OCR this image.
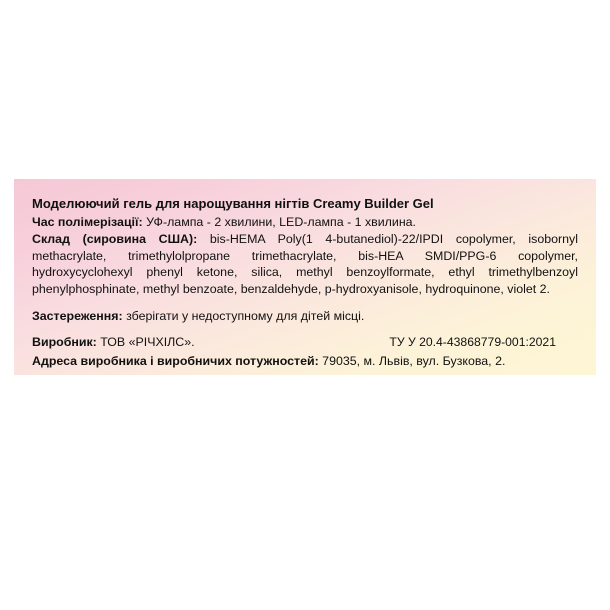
Моделюючий гель для нарощування нігтів Creamy Builder Gel
Час полімерізації: УФ-лампа - 2 хвилини, LED-лампа - 1 хвилина.
Склад (сировина США): bis-HEMA Poly(1 4-butanediol)-22/IPDI copolymer, isobornyl methacrylate, trimethylolpropane trimethacrylate, bis-HEA SMDI/PPG-6 copolymer, hydroxycyclohexyl phenyl ketone, silica, methyl benzoylformate, ethyl trimethylbenzoyl phenylphosphinate, methyl benzoate, benzaldehyde, p-hydroxyanisole, hydroquinone, violet 2.
Застереження: зберігати у недоступному для дітей місці.
Виробник: ТОВ «РІЧХІЛС».	ТУ У 20.4-43868779-001:2021
Адреса виробника і виробничих потужностей: 79035, м. Львів, вул. Бузкова, 2.
